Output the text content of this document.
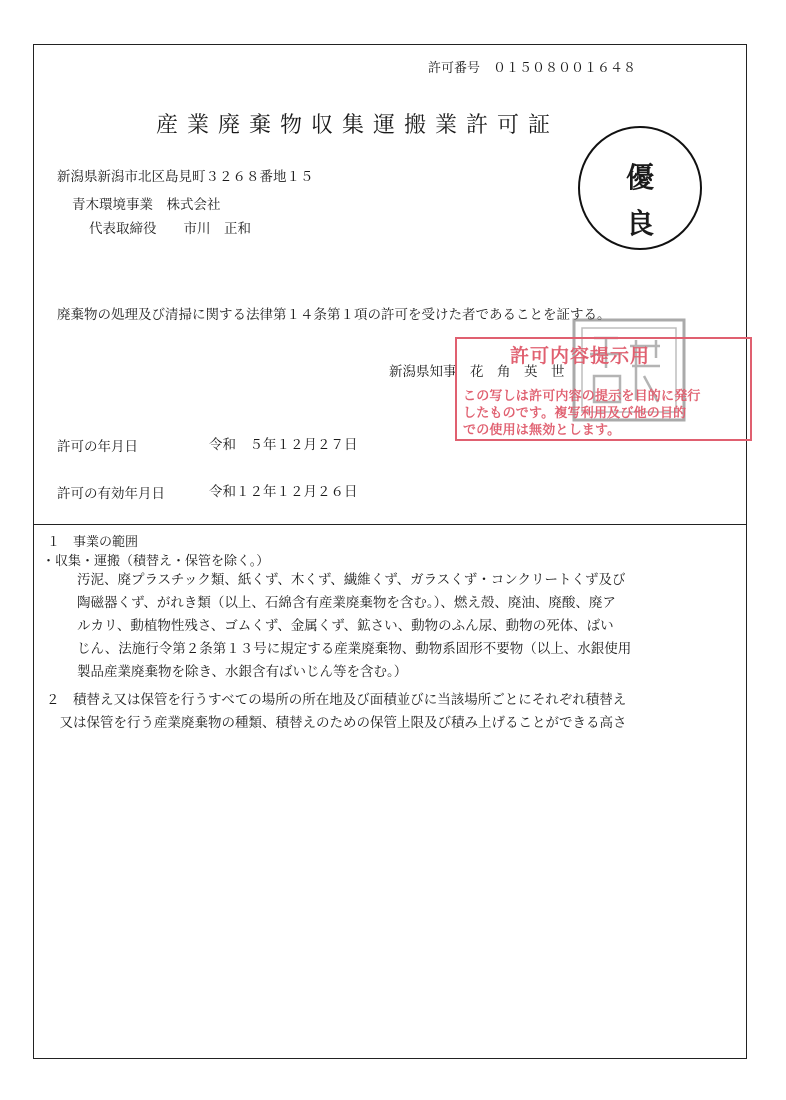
許可番号　０１５０８００１６４８
産業廃棄物収集運搬業許可証
新潟県新潟市北区島見町３２６８番地１５
青木環境事業　株式会社
代表取締役　　市川　正和
優
良
廃棄物の処理及び清掃に関する法律第１４条第１項の許可を受けた者であることを証する。
新潟県知事　花　角　英　世
許可内容提示用
この写しは許可内容の提示を目的に発行
したものです。複写利用及び他の目的
での使用は無効とします。
許可の年月日	令和　５年１２月２７日
許可の有効年月日	令和１２年１２月２６日
１　事業の範囲
・収集・運搬（積替え・保管を除く。）
汚泥、廃プラスチック類、紙くず、木くず、繊維くず、ガラスくず・コンクリートくず及び
陶磁器くず、がれき類（以上、石綿含有産業廃棄物を含む。）、燃え殻、廃油、廃酸、廃ア
ルカリ、動植物性残さ、ゴムくず、金属くず、鉱さい、動物のふん尿、動物の死体、ばい
じん、法施行令第２条第１３号に規定する産業廃棄物、動物系固形不要物（以上、水銀使用
製品産業廃棄物を除き、水銀含有ばいじん等を含む。）
２　積替え又は保管を行うすべての場所の所在地及び面積並びに当該場所ごとにそれぞれ積替え
　又は保管を行う産業廃棄物の種類、積替えのための保管上限及び積み上げることができる高さ
